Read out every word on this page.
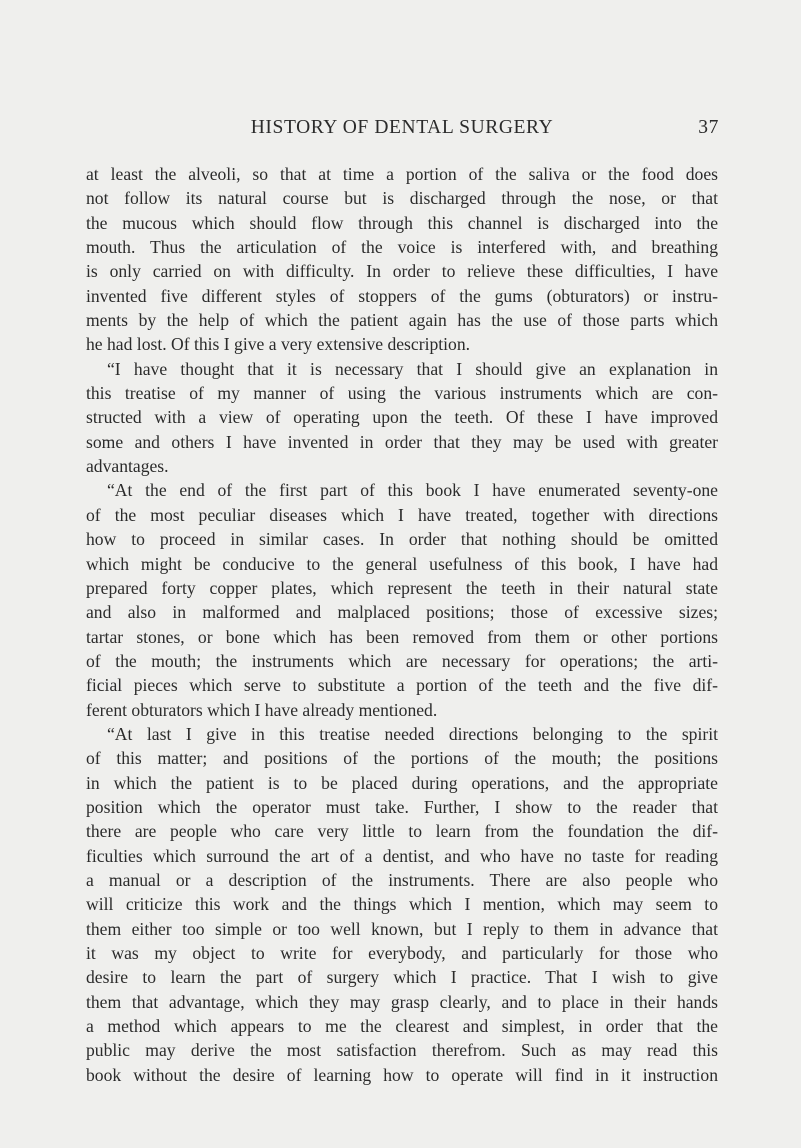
HISTORY OF DENTAL SURGERY	37
at least the alveoli, so that at time a portion of the saliva or the food does
not follow its natural course but is discharged through the nose, or that
the mucous which should flow through this channel is discharged into the
mouth. Thus the articulation of the voice is interfered with, and breathing
is only carried on with difficulty. In order to relieve these difficulties, I have
invented five different styles of stoppers of the gums (obturators) or instru-
ments by the help of which the patient again has the use of those parts which
he had lost. Of this I give a very extensive description.
“I have thought that it is necessary that I should give an explanation in
this treatise of my manner of using the various instruments which are con-
structed with a view of operating upon the teeth. Of these I have improved
some and others I have invented in order that they may be used with greater
advantages.
“At the end of the first part of this book I have enumerated seventy-one
of the most peculiar diseases which I have treated, together with directions
how to proceed in similar cases. In order that nothing should be omitted
which might be conducive to the general usefulness of this book, I have had
prepared forty copper plates, which represent the teeth in their natural state
and also in malformed and malplaced positions; those of excessive sizes;
tartar stones, or bone which has been removed from them or other portions
of the mouth; the instruments which are necessary for operations; the arti-
ficial pieces which serve to substitute a portion of the teeth and the five dif-
ferent obturators which I have already mentioned.
“At last I give in this treatise needed directions belonging to the spirit
of this matter; and positions of the portions of the mouth; the positions
in which the patient is to be placed during operations, and the appropriate
position which the operator must take. Further, I show to the reader that
there are people who care very little to learn from the foundation the dif-
ficulties which surround the art of a dentist, and who have no taste for reading
a manual or a description of the instruments. There are also people who
will criticize this work and the things which I mention, which may seem to
them either too simple or too well known, but I reply to them in advance that
it was my object to write for everybody, and particularly for those who
desire to learn the part of surgery which I practice. That I wish to give
them that advantage, which they may grasp clearly, and to place in their hands
a method which appears to me the clearest and simplest, in order that the
public may derive the most satisfaction therefrom. Such as may read this
book without the desire of learning how to operate will find in it instruction
